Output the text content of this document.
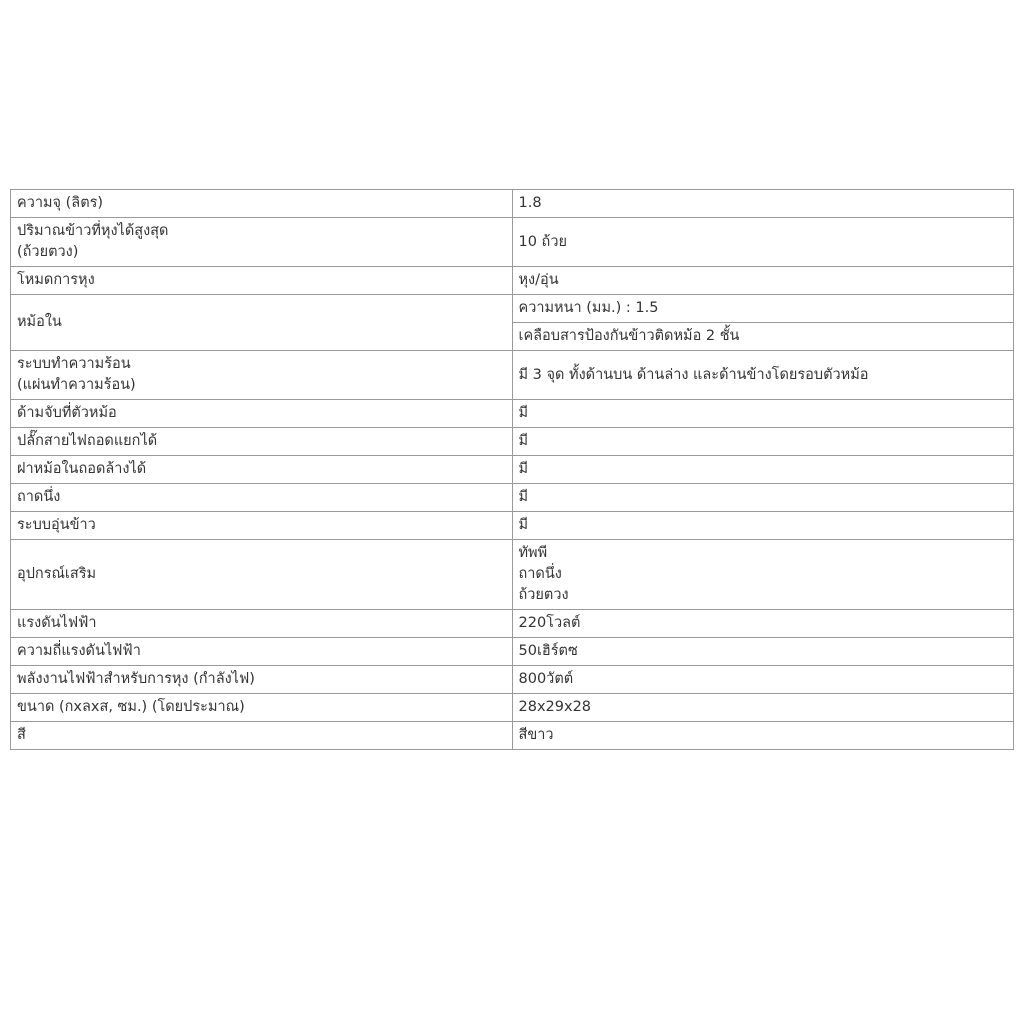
ความจุ (ลิตร)	1.8

ปริมาณข้าวที่หุงได้สูงสุด
(ถ้วยตวง)	10 ถ้วย

โหมดการหุง	หุง/อุ่น

หม้อใน	ความหนา (มม.) : 1.5

	เคลือบสารป้องกันข้าวติดหม้อ 2 ชั้น

ระบบทำความร้อน
(แผ่นทำความร้อน)	มี 3 จุด ทั้งด้านบน ด้านล่าง และด้านข้างโดยรอบตัวหม้อ

ด้ามจับที่ตัวหม้อ	มี

ปลั๊กสายไฟถอดแยกได้	มี

ฝาหม้อในถอดล้างได้	มี

ถาดนึ่ง	มี

ระบบอุ่นข้าว	มี

อุปกรณ์เสริม	ทัพพี
ถาดนึ่ง
ถ้วยตวง

แรงดันไฟฟ้า	220โวลต์

ความถี่แรงดันไฟฟ้า	50เฮิร์ตซ

พลังงานไฟฟ้าสำหรับการหุง (กำลังไฟ)	800วัตต์

ขนาด (กxลxส, ซม.) (โดยประมาณ)	28x29x28

สี	สีขาว
